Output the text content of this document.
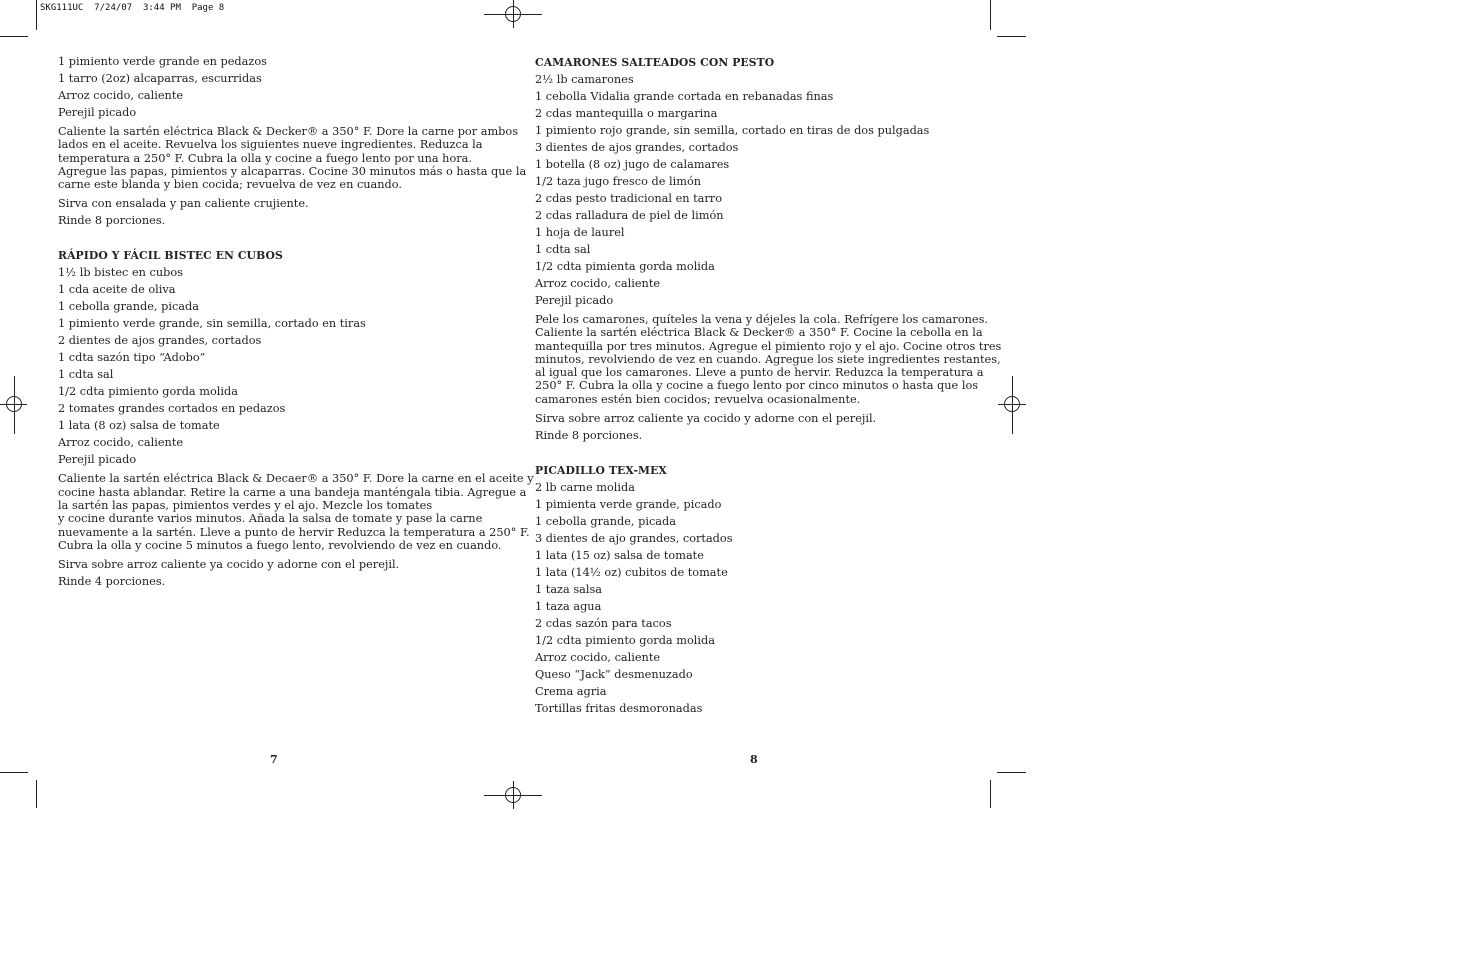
SKG111UC  7/24/07  3:44 PM  Page 8

1 pimiento verde grande en pedazos

1 tarro (2oz) alcaparras, escurridas

Arroz cocido, caliente

Perejil picado

Caliente la sartén eléctrica Black & Decker® a 350° F. Dore la carne por ambos
lados en el aceite. Revuelva los siguientes nueve ingredientes. Reduzca la
temperatura a 250° F. Cubra la olla y cocine a fuego lento por una hora.
Agregue las papas, pimientos y alcaparras. Cocine 30 minutos más o hasta que la
carne este blanda y bien cocida; revuelva de vez en cuando.

Sirva con ensalada y pan caliente crujiente.

Rinde 8 porciones.

RÁPIDO Y FÁCIL BISTEC EN CUBOS

1½ lb bistec en cubos

1 cda aceite de oliva

1 cebolla grande, picada

1 pimiento verde grande, sin semilla, cortado en tiras

2 dientes de ajos grandes, cortados

1 cdta sazón tipo “Adobo”

1 cdta sal

1/2 cdta pimiento gorda molida

2 tomates grandes cortados en pedazos

1 lata (8 oz) salsa de tomate

Arroz cocido, caliente

Perejil picado

Caliente la sartén eléctrica Black & Decaer® a 350° F. Dore la carne en el aceite y
cocine hasta ablandar. Retire la carne a una bandeja manténgala tibia. Agregue a
la sartén las papas, pimientos verdes y el ajo. Mezcle los tomates
y cocine durante varios minutos. Añada la salsa de tomate y pase la carne
nuevamente a la sartén. Lleve a punto de hervir Reduzca la temperatura a 250° F.
Cubra la olla y cocine 5 minutos a fuego lento, revolviendo de vez en cuando.

Sirva sobre arroz caliente ya cocido y adorne con el perejil.

Rinde 4 porciones.

CAMARONES SALTEADOS CON PESTO

2½ lb camarones

1 cebolla Vidalia grande cortada en rebanadas finas

2 cdas mantequilla o margarina

1 pimiento rojo grande, sin semilla, cortado en tiras de dos pulgadas

3 dientes de ajos grandes, cortados

1 botella (8 oz) jugo de calamares

1/2 taza jugo fresco de limón

2 cdas pesto tradicional en tarro

2 cdas ralladura de piel de limón

1 hoja de laurel

1 cdta sal

1/2 cdta pimienta gorda molida

Arroz cocido, caliente

Perejil picado

Pele los camarones, quíteles la vena y déjeles la cola. Refrígere los camarones.
Caliente la sartén eléctrica Black & Decker® a 350° F. Cocine la cebolla en la
mantequilla por tres minutos. Agregue el pimiento rojo y el ajo. Cocine otros tres
minutos, revolviendo de vez en cuando. Agregue los siete ingredientes restantes,
al igual que los camarones. Lleve a punto de hervir. Reduzca la temperatura a
250° F. Cubra la olla y cocine a fuego lento por cinco minutos o hasta que los
camarones estén bien cocidos; revuelva ocasionalmente.

Sirva sobre arroz caliente ya cocido y adorne con el perejil.

Rinde 8 porciones.

PICADILLO TEX-MEX

2 lb carne molida

1 pimienta verde grande, picado

1 cebolla grande, picada

3 dientes de ajo grandes, cortados

1 lata (15 oz) salsa de tomate

1 lata (14½ oz) cubitos de tomate

1 taza salsa

1 taza agua

2 cdas sazón para tacos

1/2 cdta pimiento gorda molida

Arroz cocido, caliente

Queso “Jack” desmenuzado

Crema agria

Tortillas fritas desmoronadas

7	8
